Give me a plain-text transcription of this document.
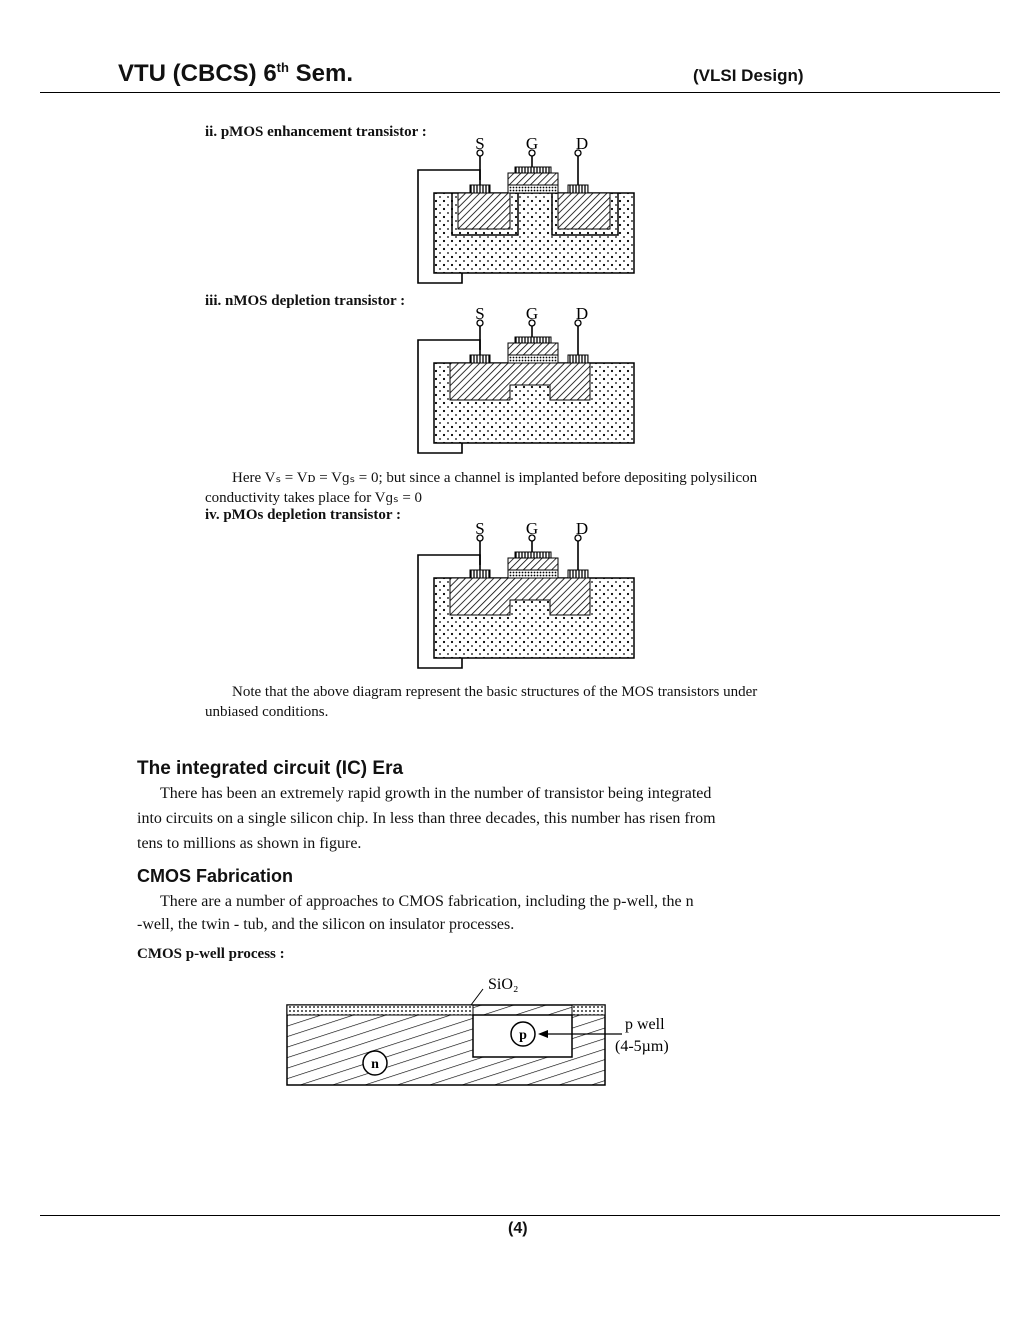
VTU (CBCS) 6th Sem.	(VLSI Design)
ii. pMOS enhancement transistor :
S G D
iii. nMOS depletion transistor :
S G D
Here Vₛ = Vᴅ = Vɡₛ = 0; but since a channel is implanted before depositing polysilicon
conductivity takes place for Vɡₛ = 0
iv. pMOs depletion transistor :
S G D
Note that the above diagram represent the basic structures of the MOS transistors under
unbiased conditions.
The integrated circuit (IC) Era
There has been an extremely rapid growth in the number of transistor being integrated
into circuits on a single silicon chip. In less than three decades, this number has risen from
tens to millions as shown in figure.
CMOS Fabrication
There are a number of approaches to CMOS fabrication, including the p-well, the n
-well, the twin - tub, and the silicon on insulator processes.
CMOS p-well process :
SiO₂
n
p
p well
(4-5µm)
(4)
